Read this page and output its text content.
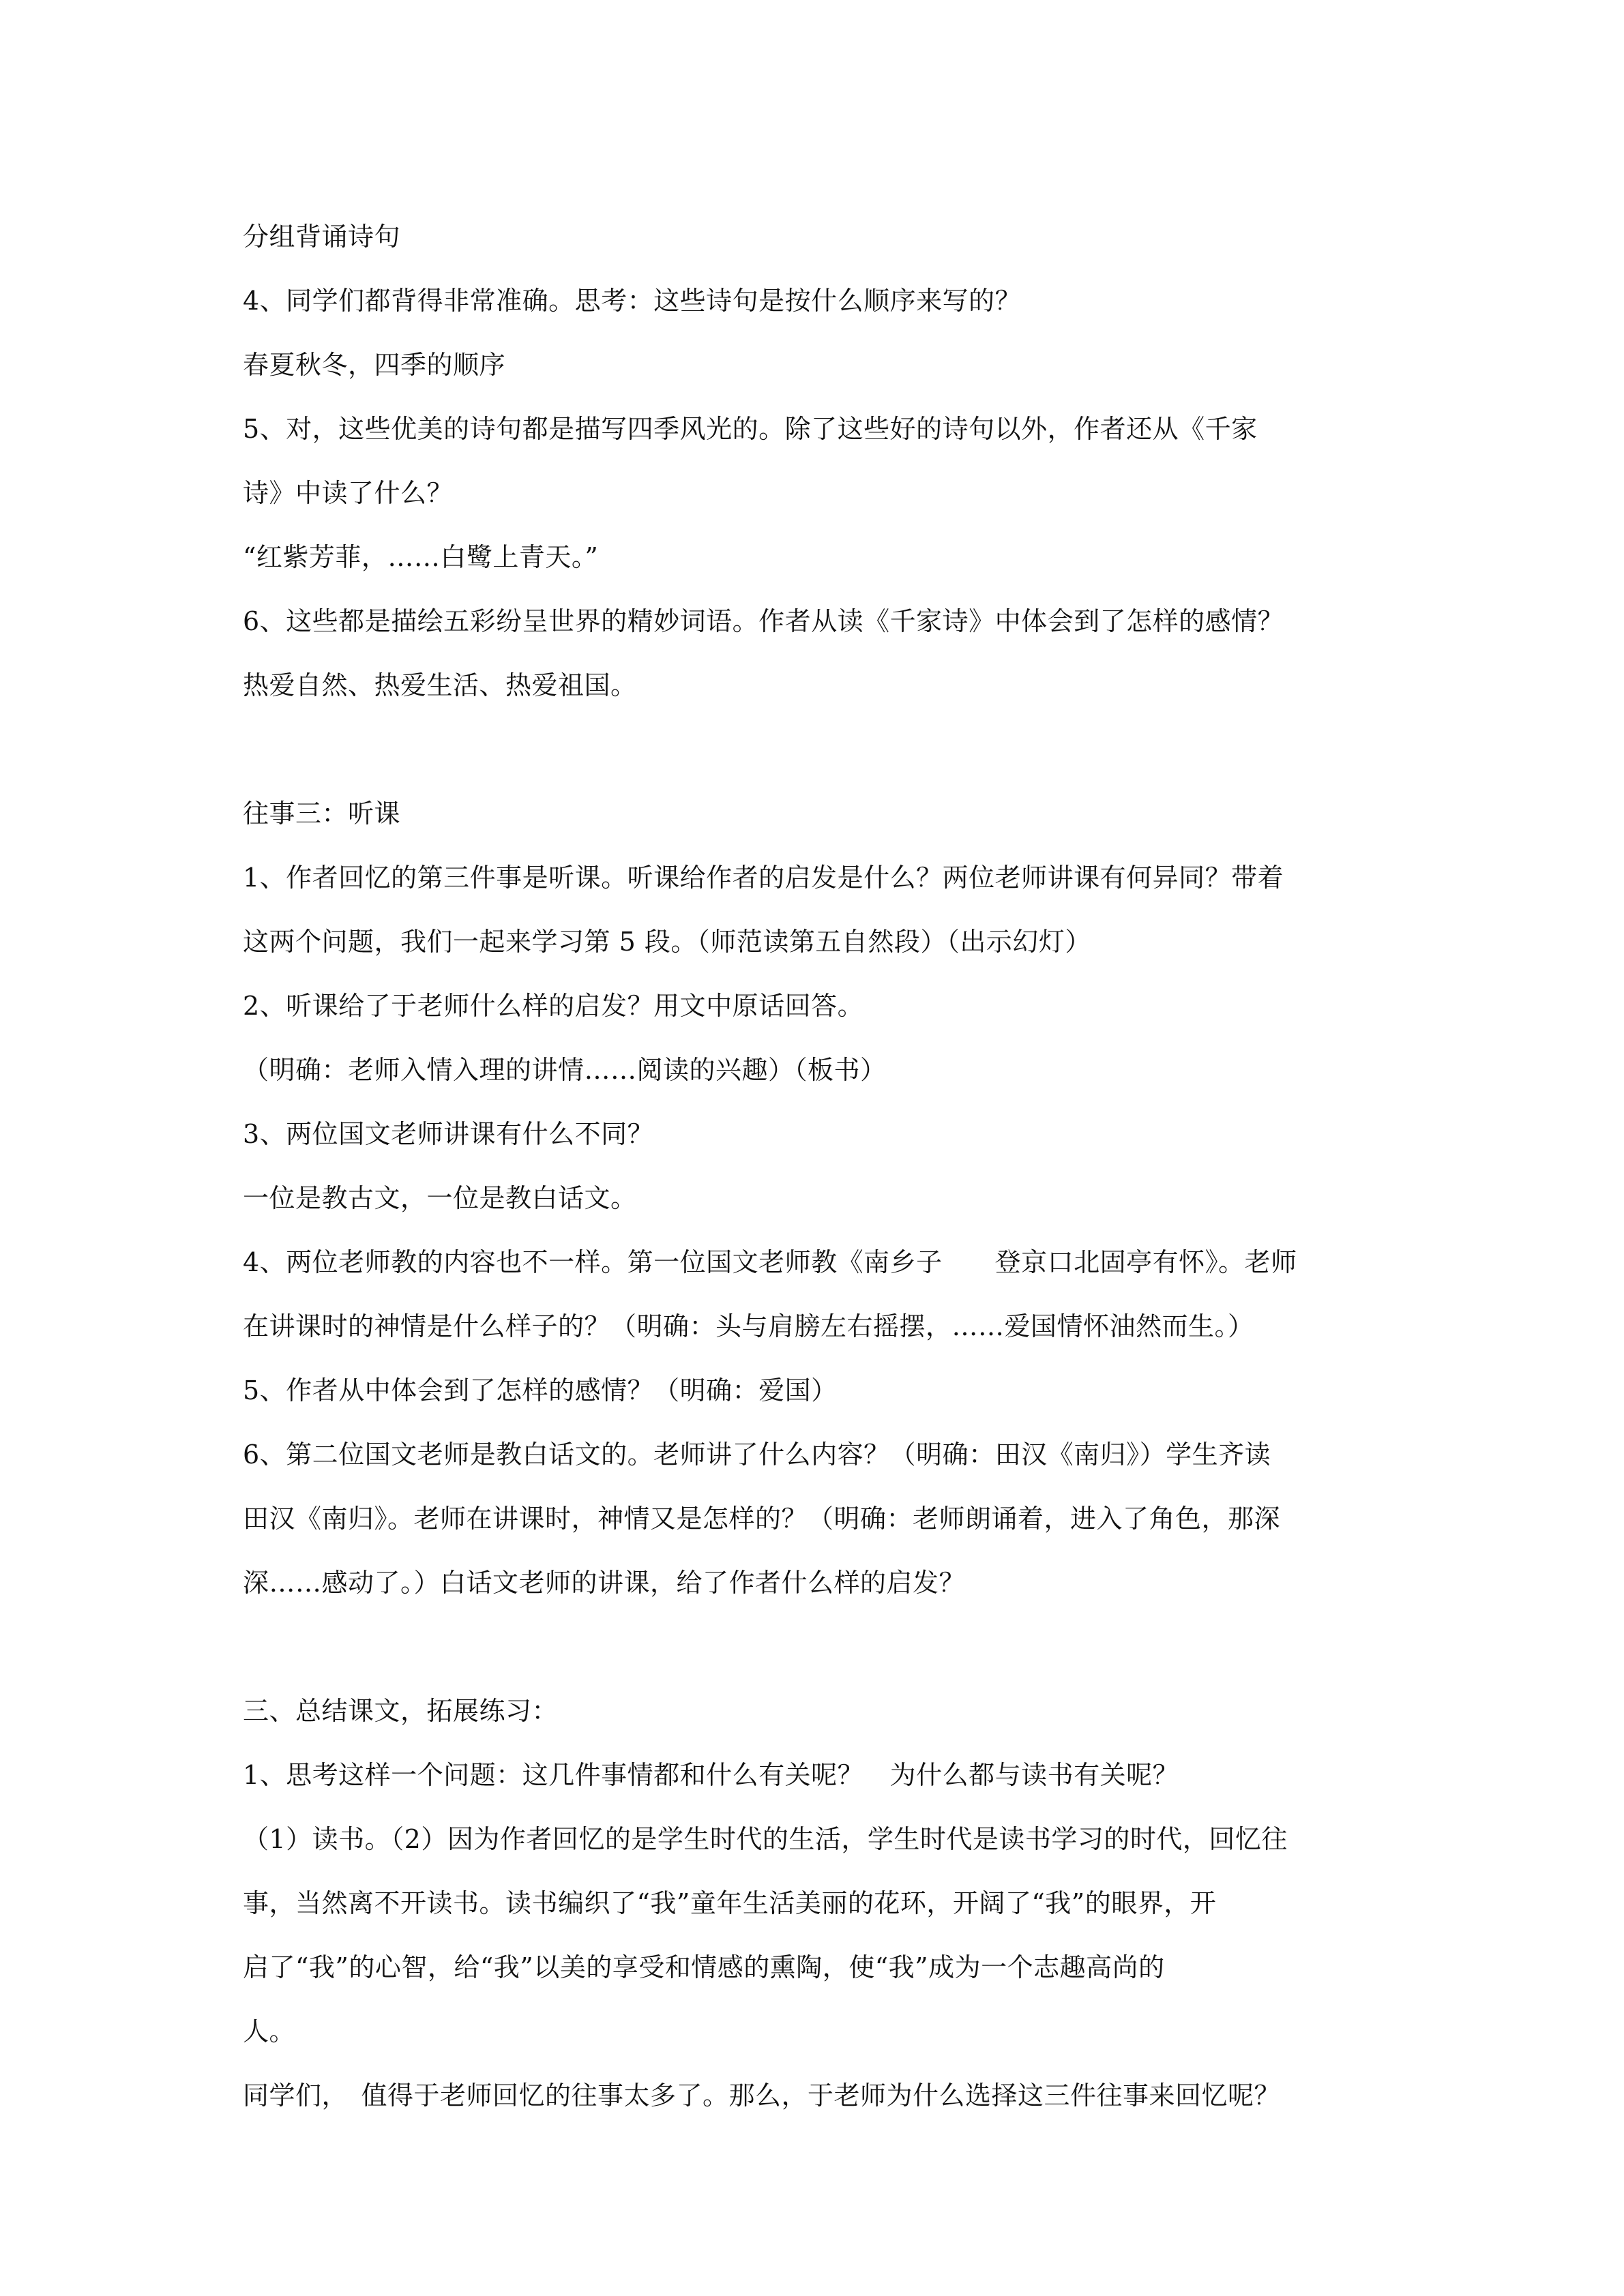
分组背诵诗句
4、同学们都背得非常准确。思考：这些诗句是按什么顺序来写的？
春夏秋冬，四季的顺序
5、对，这些优美的诗句都是描写四季风光的。除了这些好的诗句以外，作者还从《千家
诗》中读了什么？
“红紫芳菲，……白鹭上青天。”
6、这些都是描绘五彩纷呈世界的精妙词语。作者从读《千家诗》中体会到了怎样的感情？
热爱自然、热爱生活、热爱祖国。
往事三：听课
1、作者回忆的第三件事是听课。听课给作者的启发是什么？两位老师讲课有何异同？带着
这两个问题，我们一起来学习第 5 段。（师范读第五自然段）（出示幻灯）
2、听课给了于老师什么样的启发？用文中原话回答。
（明确：老师入情入理的讲情……阅读的兴趣）（板书）
3、两位国文老师讲课有什么不同？
一位是教古文，一位是教白话文。
4、两位老师教的内容也不一样。第一位国文老师教《南乡子　　登京口北固亭有怀》。老师
在讲课时的神情是什么样子的？（明确：头与肩膀左右摇摆，……爱国情怀油然而生。）
5、作者从中体会到了怎样的感情？（明确：爱国）
6、第二位国文老师是教白话文的。老师讲了什么内容？（明确：田汉《南归》）学生齐读
田汉《南归》。老师在讲课时，神情又是怎样的？（明确：老师朗诵着，进入了角色，那深
深……感动了。）白话文老师的讲课，给了作者什么样的启发？
三、总结课文，拓展练习：
1、思考这样一个问题：这几件事情都和什么有关呢？　为什么都与读书有关呢？
（1）读书。（2）因为作者回忆的是学生时代的生活，学生时代是读书学习的时代，回忆往
事，当然离不开读书。读书编织了“我”童年生活美丽的花环，开阔了“我”的眼界，开
启了“我”的心智，给“我”以美的享受和情感的熏陶，使“我”成为一个志趣高尚的
人。
同学们，　值得于老师回忆的往事太多了。那么，于老师为什么选择这三件往事来回忆呢？
